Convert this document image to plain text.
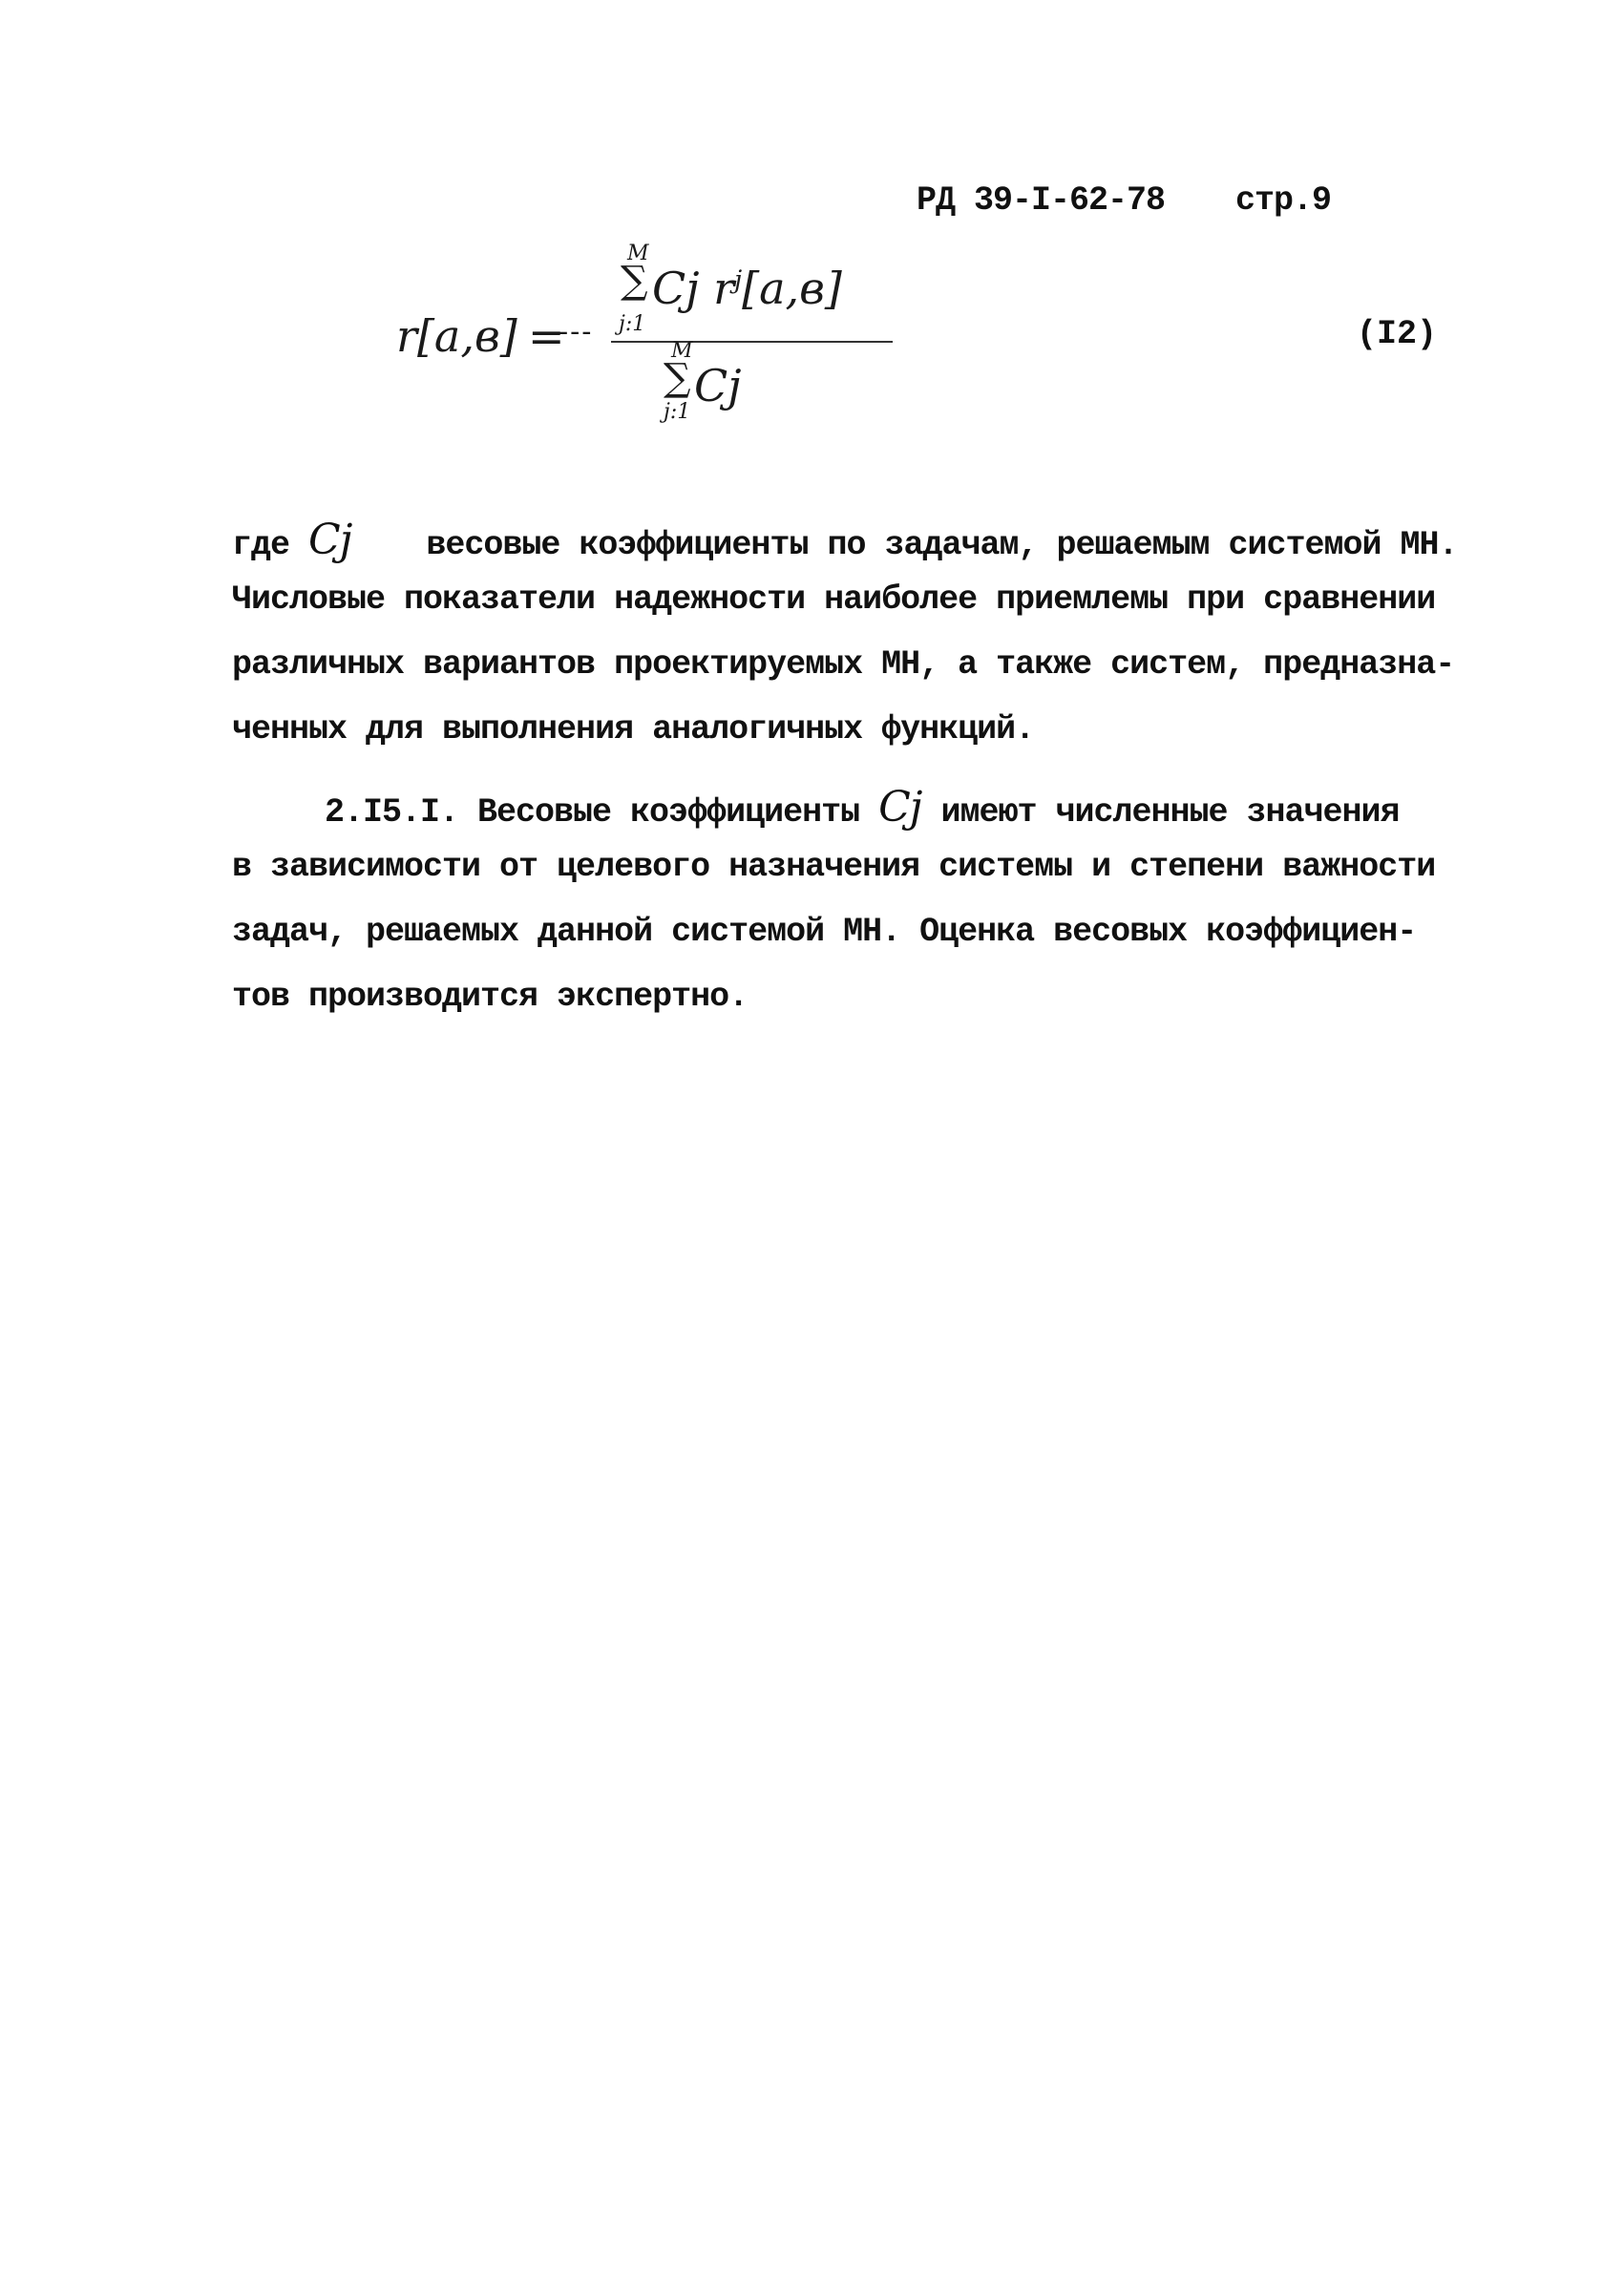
РД 39-I-62-78 стр.9
r[a,в] =
---
M
∑
j:1
Cj $r^j[a,в]$
M
∑
j:1
Cj
(I2)
где Cj весовые коэффициенты по задачам, решаемым системой МН.
Числовые показатели надежности наиболее приемлемы при сравнении
различных вариантов проектируемых МН, а также систем, предназна-
ченных для выполнения аналогичных функций.
2.I5.I. Весовые коэффициенты Cj имеют численные значения
в зависимости от целевого назначения системы и степени важности
задач, решаемых данной системой МН. Оценка весовых коэффициен-
тов производится экспертно.
